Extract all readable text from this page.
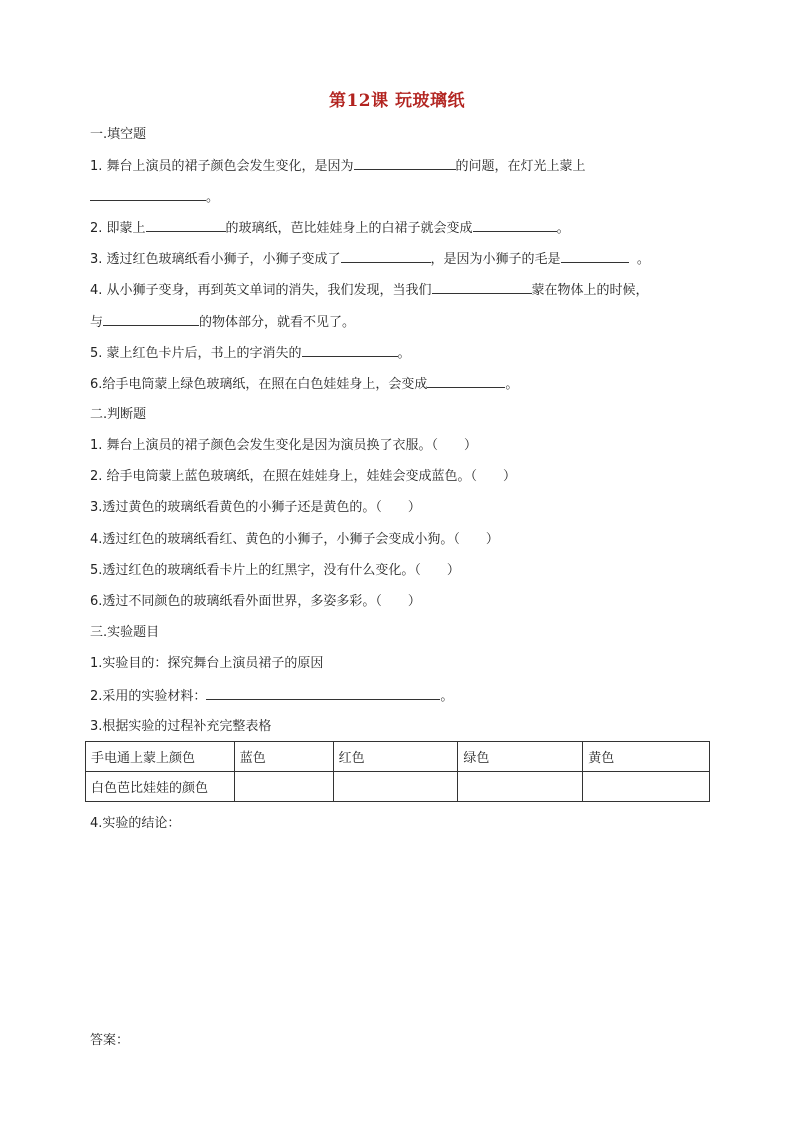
第12课 玩玻璃纸
一.填空题
1. 舞台上演员的裙子颜色会发生变化，是因为	的问题，在灯光上蒙上
。
2. 即蒙上	的玻璃纸，芭比娃娃身上的白裙子就会变成	。
3. 透过红色玻璃纸看小狮子，小狮子变成了	，是因为小狮子的毛是	。
4. 从小狮子变身，再到英文单词的消失，我们发现，当我们	蒙在物体上的时候，
与	的物体部分，就看不见了。
5. 蒙上红色卡片后，书上的字消失的	。
6.给手电筒蒙上绿色玻璃纸，在照在白色娃娃身上，会变成	。
二.判断题
1. 舞台上演员的裙子颜色会发生变化是因为演员换了衣服。（　　）
2. 给手电筒蒙上蓝色玻璃纸，在照在娃娃身上，娃娃会变成蓝色。（　　）
3.透过黄色的玻璃纸看黄色的小狮子还是黄色的。（　　）
4.透过红色的玻璃纸看红、黄色的小狮子，小狮子会变成小狗。（　　）
5.透过红色的玻璃纸看卡片上的红黑字，没有什么变化。（　　）
6.透过不同颜色的玻璃纸看外面世界，多姿多彩。（　　）
三.实验题目
1.实验目的：探究舞台上演员裙子的原因
2.采用的实验材料：	。
3.根据实验的过程补充完整表格
手电通上蒙上颜色	蓝色	红色	绿色	黄色
白色芭比娃娃的颜色				
4.实验的结论：
答案：
